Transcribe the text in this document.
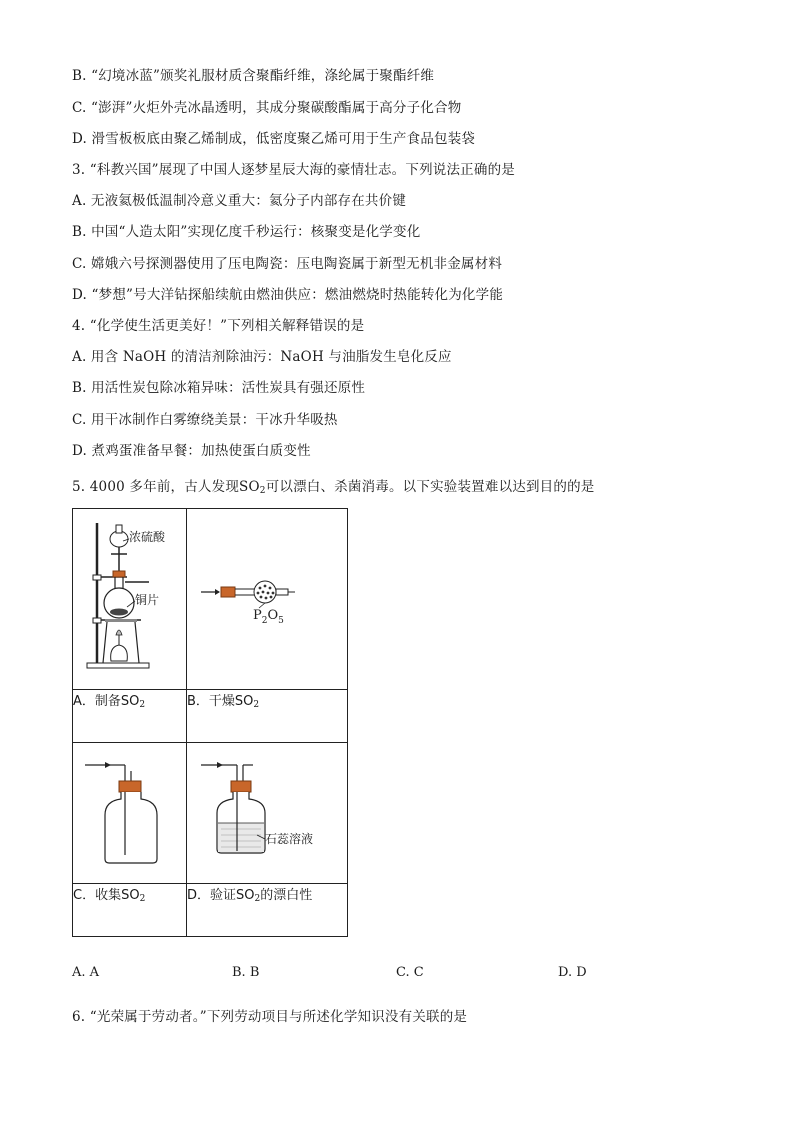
B. “幻境冰蓝”颁奖礼服材质含聚酯纤维，涤纶属于聚酯纤维
C. “澎湃”火炬外壳冰晶透明，其成分聚碳酸酯属于高分子化合物
D. 滑雪板板底由聚乙烯制成，低密度聚乙烯可用于生产食品包装袋
3. “科教兴国”展现了中国人逐梦星辰大海的豪情壮志。下列说法正确的是
A. 无液氦极低温制冷意义重大：氦分子内部存在共价键
B. 中国“人造太阳”实现亿度千秒运行：核聚变是化学变化
C. 嫦娥六号探测器使用了压电陶瓷：压电陶瓷属于新型无机非金属材料
D. “梦想”号大洋钻探船续航由燃油供应：燃油燃烧时热能转化为化学能
4. “化学使生活更美好！”下列相关解释错误的是
A. 用含 NaOH 的清洁剂除油污：NaOH 与油脂发生皂化反应
B. 用活性炭包除冰箱异味：活性炭具有强还原性
C. 用干冰制作白雾缭绕美景：干冰升华吸热
D. 煮鸡蛋准备早餐：加热使蛋白质变性
5. 4000 多年前，古人发现$SO_2$可以漂白、杀菌消毒。以下实验装置难以达到目的的是
浓硫酸
铜片	$P_2O_5$

A．制备$SO_2$	B．干燥$SO_2$

石蕊溶液

C．收集$SO_2$	D．验证$SO_2$的漂白性
A. A	B. B	C. C	D. D
6. “光荣属于劳动者。”下列劳动项目与所述化学知识没有关联的是
